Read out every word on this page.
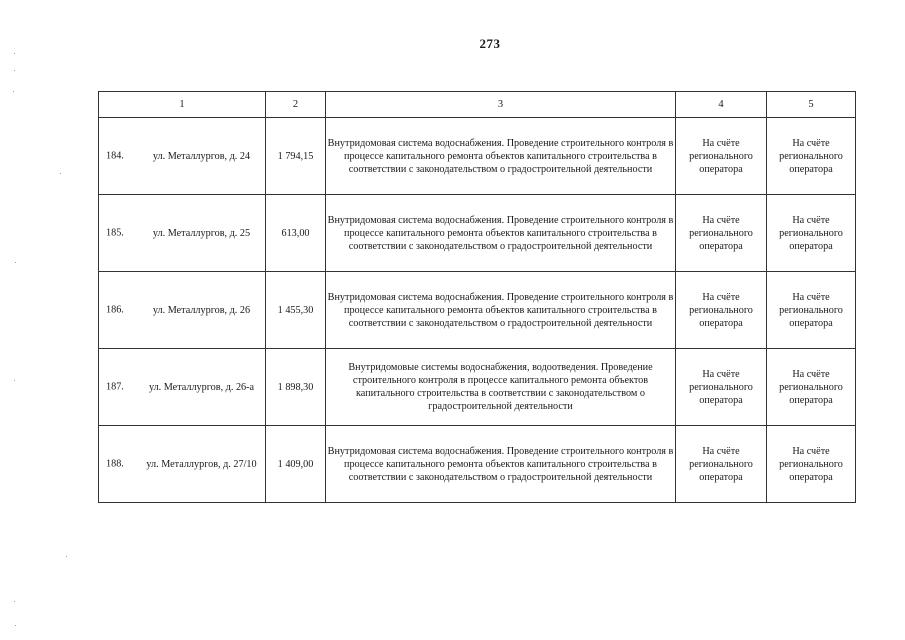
273
1	2	3	4	5

184. ул. Металлургов, д. 24	1 794,15	Внутридомовая система водоснабжения. Проведение строительного контроля в процессе капитального ремонта объектов капитального строительства в соответствии с законодательством о градостроительной деятельности	На счёте регионального оператора	На счёте регионального оператора

185. ул. Металлургов, д. 25	613,00	Внутридомовая система водоснабжения. Проведение строительного контроля в процессе капитального ремонта объектов капитального строительства в соответствии с законодательством о градостроительной деятельности	На счёте регионального оператора	На счёте регионального оператора

186. ул. Металлургов, д. 26	1 455,30	Внутридомовая система водоснабжения. Проведение строительного контроля в процессе капитального ремонта объектов капитального строительства в соответствии с законодательством о градостроительной деятельности	На счёте регионального оператора	На счёте регионального оператора

187. ул. Металлургов, д. 26-а	1 898,30	Внутридомовые системы водоснабжения, водоотведения. Проведение строительного контроля в процессе капитального ремонта объектов капитального строительства в соответствии с законодательством о градостроительной деятельности	На счёте регионального оператора	На счёте регионального оператора

188. ул. Металлургов, д. 27/10	1 409,00	Внутридомовая система водоснабжения. Проведение строительного контроля в процессе капитального ремонта объектов капитального строительства в соответствии с законодательством о градостроительной деятельности	На счёте регионального оператора	На счёте регионального оператора
